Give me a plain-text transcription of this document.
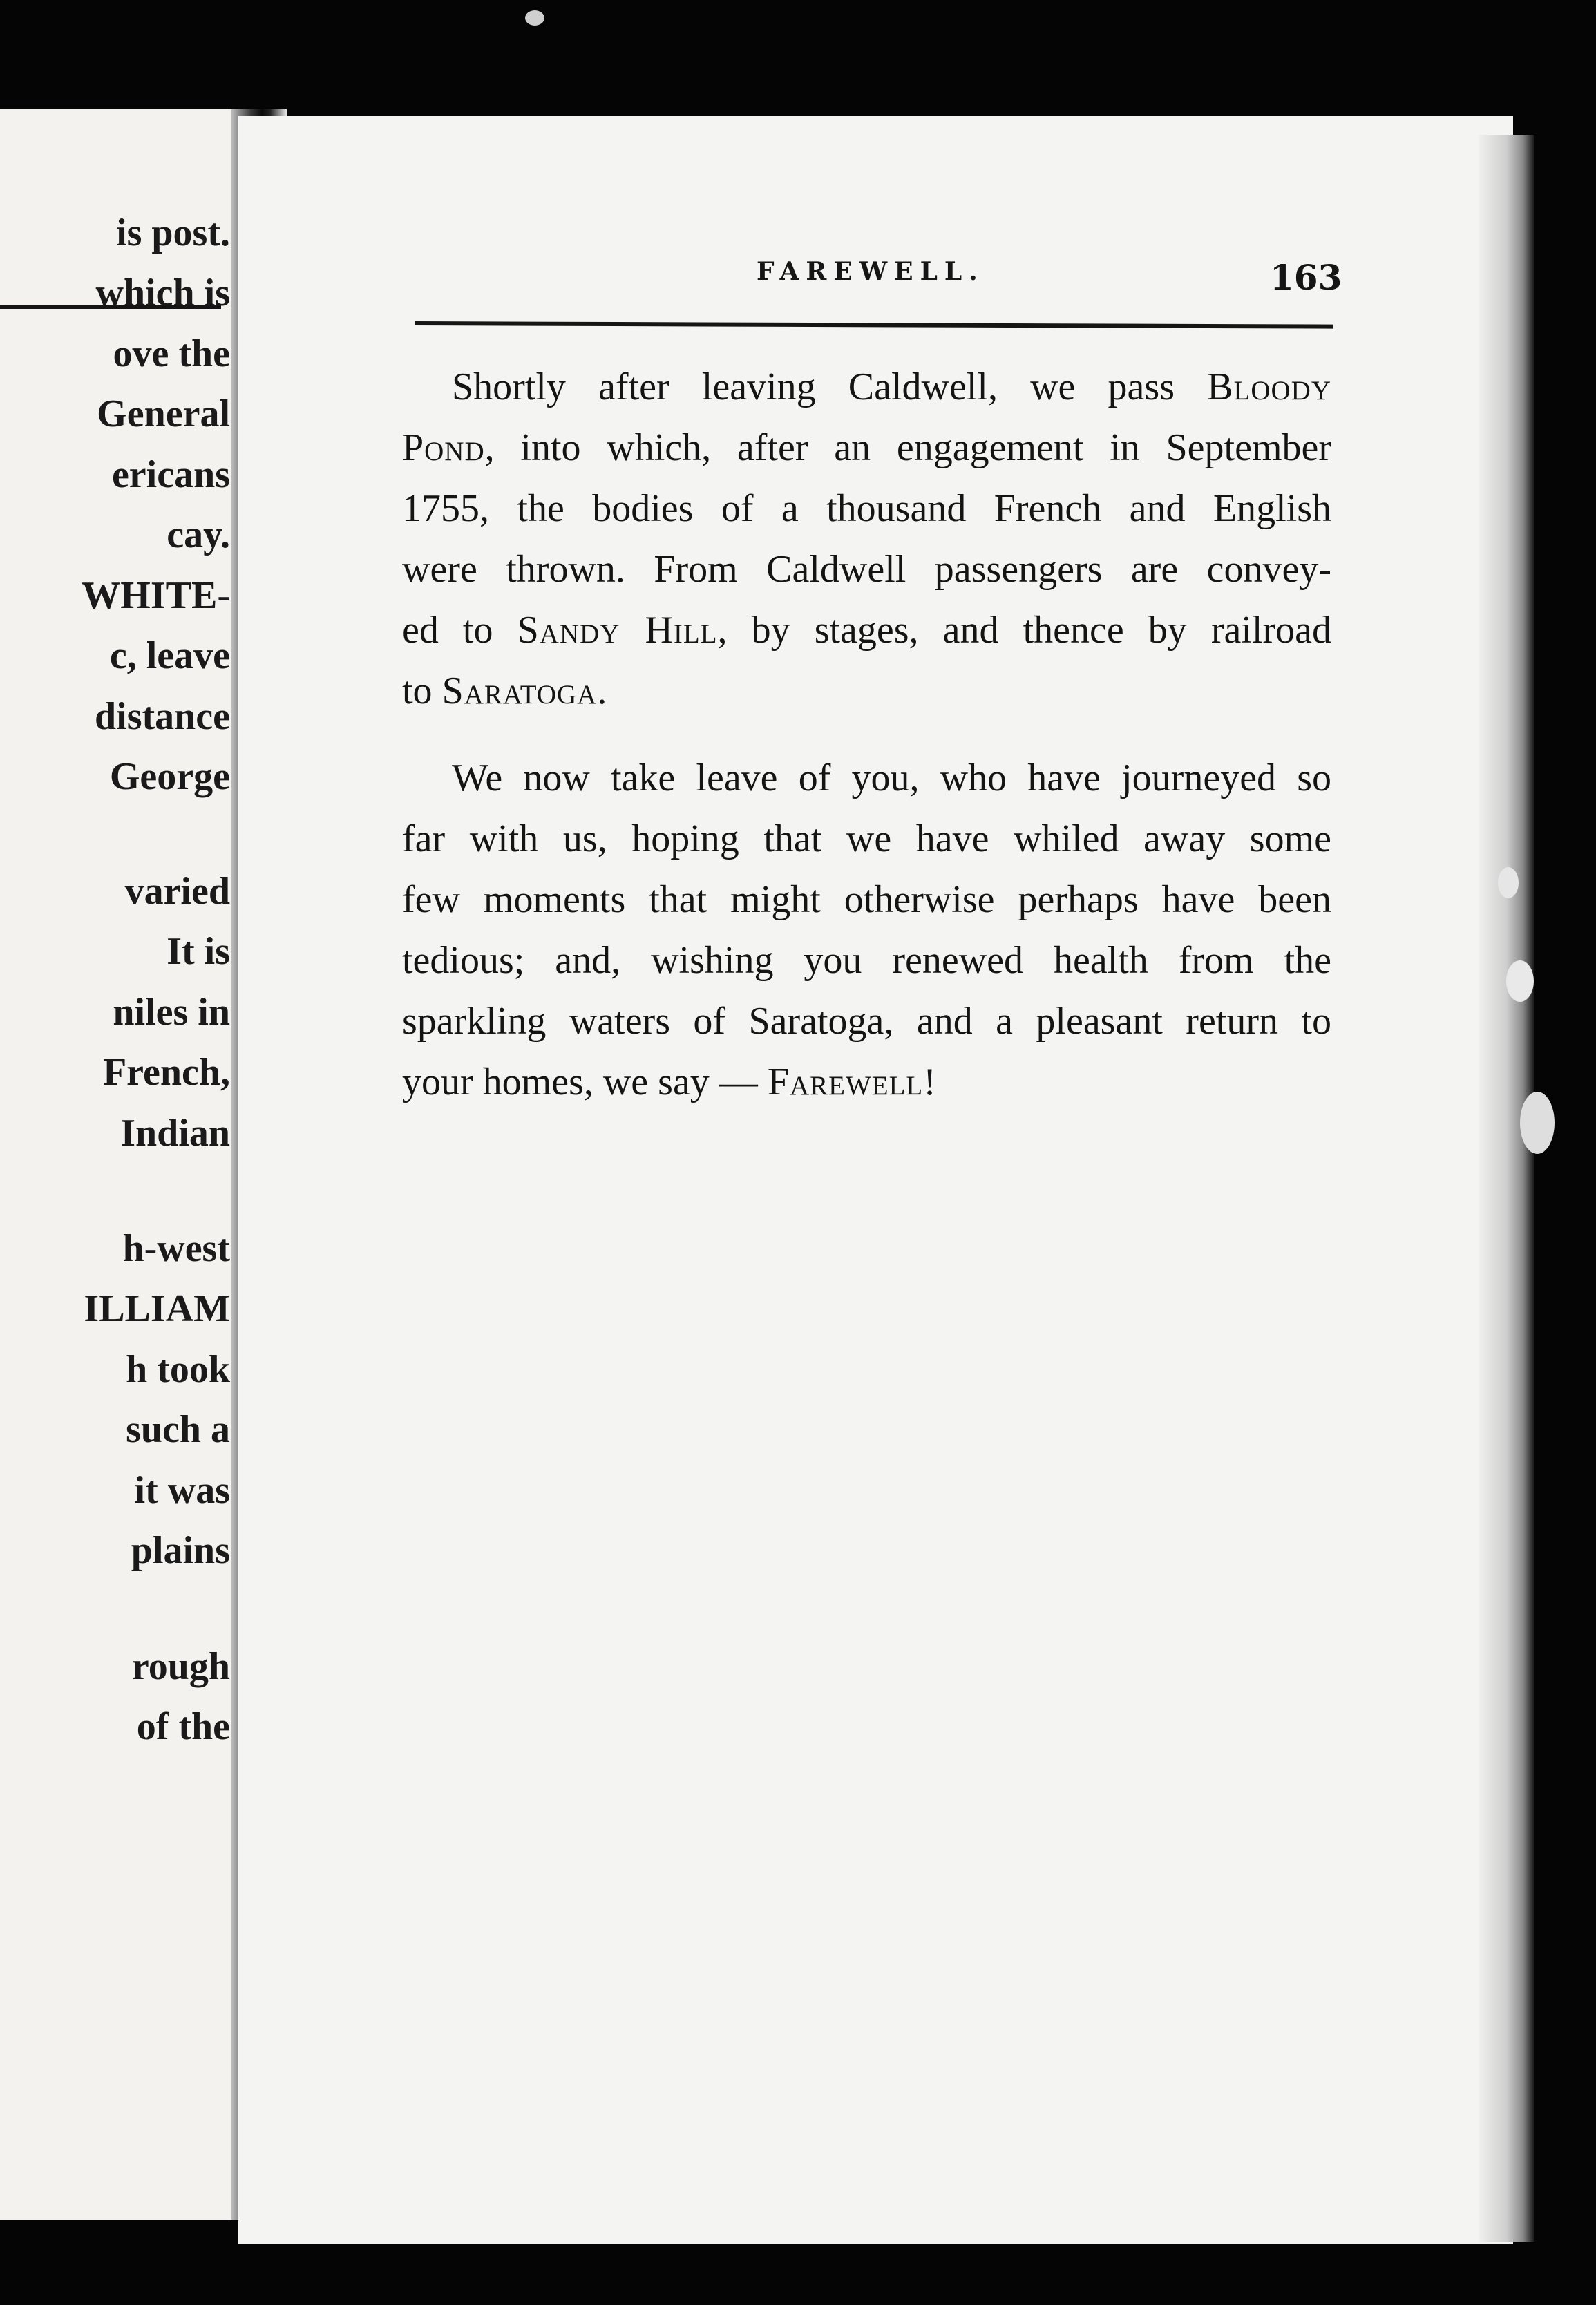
is post.
which is
ove the
General
ericans
cay.
WHITE-
c, leave
distance
George
varied
It is
niles in
French,
Indian
h-west
ILLIAM
h took
such a
it was
plains
rough
of the
FAREWELL.	163
Shortly after leaving Caldwell, we pass Bloody
Pond, into which, after an engagement in September
1755, the bodies of a thousand French and English
were thrown. From Caldwell passengers are convey-
ed to Sandy Hill, by stages, and thence by railroad
to Saratoga.
We now take leave of you, who have journeyed so
far with us, hoping that we have whiled away some
few moments that might otherwise perhaps have been
tedious; and, wishing you renewed health from the
sparkling waters of Saratoga, and a pleasant return to
your homes, we say — Farewell!
